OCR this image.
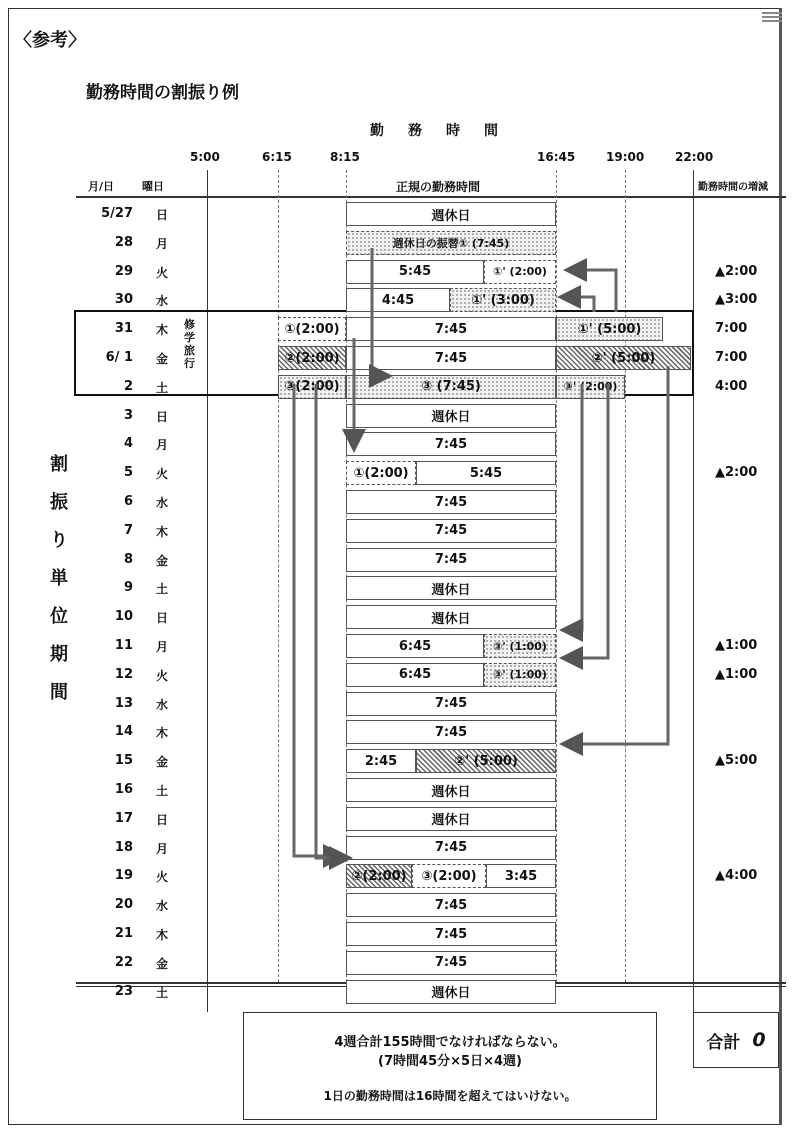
〈参考〉
勤務時間の割振り例
勤務時間
5:00	6:15	8:15	16:45	19:00	22:00
月/日	曜日	正規の勤務時間	勤務時間の増減
修学旅行
割
振
り
単
位
期
間
5/27 日	週休日
28 月	週休日の振替① (7:45)
29 火	5:45	①' (2:00)	▲2:00
30 水	4:45	①' (3:00)	▲3:00
31 木	①(2:00)	7:45	①' (5:00)	7:00
6/ 1 金	②(2:00)	7:45	②' (5:00)	7:00
2 土	③(2:00)	③ (7:45)	③' (2:00)	4:00
3 日	週休日
4 月	7:45
5 火	①(2:00)	5:45	▲2:00
6 水	7:45
7 木	7:45
8 金	7:45
9 土	週休日
10 日	週休日
11 月	6:45	③' (1:00)	▲1:00
12 火	6:45	③' (1:00)	▲1:00
13 水	7:45
14 木	7:45
15 金	2:45	②' (5:00)	▲5:00
16 土	週休日
17 日	週休日
18 月	7:45
19 火	②(2:00)	③(2:00)	3:45	▲4:00
20 水	7:45
21 木	7:45
22 金	7:45
23 土	週休日
4週合計155時間でなければならない。
(7時間45分×5日×4週)
1日の勤務時間は16時間を超えてはいけない。
合計 0
